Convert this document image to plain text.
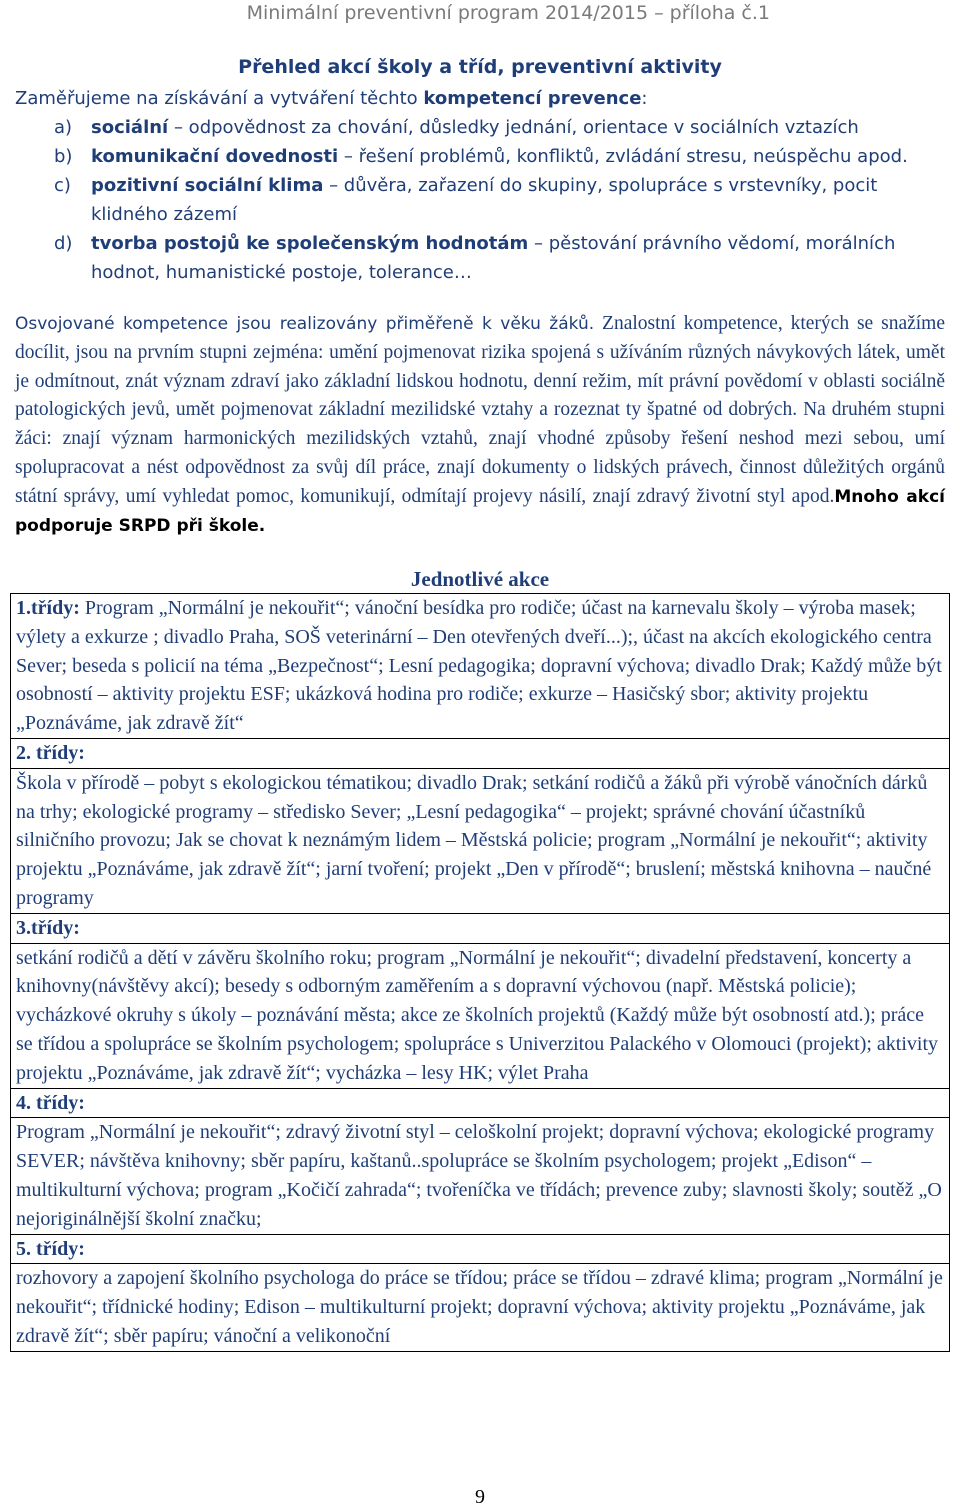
Minimální preventivní program 2014/2015 – příloha č.1
Přehled akcí školy a tříd, preventivní aktivity
Zaměřujeme na získávání a vytváření těchto kompetencí prevence:
a) sociální – odpovědnost za chování, důsledky jednání, orientace v sociálních vztazích
b) komunikační dovednosti – řešení problémů, konfliktů, zvládání stresu, neúspěchu apod.
c) pozitivní sociální klima – důvěra, zařazení do skupiny, spolupráce s vrstevníky, pocit klidného zázemí
d) tvorba postojů ke společenským hodnotám – pěstování právního vědomí, morálních hodnot, humanistické postoje, tolerance…
Osvojované kompetence jsou realizovány přiměřeně k věku žáků. Znalostní kompetence, kterých se snažíme docílit, jsou na prvním stupni zejména: umění pojmenovat rizika spojená s užíváním různých návykových látek, umět je odmítnout, znát význam zdraví jako základní lidskou hodnotu, denní režim, mít právní povědomí v oblasti sociálně patologických jevů, umět pojmenovat základní mezilidské vztahy a rozeznat ty špatné od dobrých. Na druhém stupni žáci: znají význam harmonických mezilidských vztahů, znají vhodné způsoby řešení neshod mezi sebou, umí spolupracovat a nést odpovědnost za svůj díl práce, znají dokumenty o lidských právech, činnost důležitých orgánů státní správy, umí vyhledat pomoc, komunikují, odmítají projevy násilí, znají zdravý životní styl apod.Mnoho akcí podporuje SRPD při škole.
Jednotlivé akce
1.třídy: Program „Normální je nekouřit“; vánoční besídka pro rodiče; účast na karnevalu školy – výroba masek; výlety a exkurze ; divadlo Praha, SOŠ veterinární – Den otevřených dveří...);, účast na akcích ekologického centra Sever; beseda s policií na téma „Bezpečnost“; Lesní pedagogika; dopravní výchova; divadlo Drak; Každý může být osobností – aktivity projektu ESF; ukázková hodina pro rodiče; exkurze – Hasičský sbor; aktivity projektu „Poznáváme, jak zdravě žít“
2. třídy:
Škola v přírodě – pobyt s ekologickou tématikou; divadlo Drak; setkání rodičů a žáků při výrobě vánočních dárků na trhy; ekologické programy – středisko Sever; „Lesní pedagogika“ – projekt; správné chování účastníků silničního provozu; Jak se chovat k neznámým lidem – Městská policie; program „Normální je nekouřit“; aktivity projektu „Poznáváme, jak zdravě žít“; jarní tvoření; projekt „Den v přírodě“; bruslení; městská knihovna – naučné programy
3.třídy:
setkání rodičů a dětí v závěru školního roku; program „Normální je nekouřit“; divadelní představení, koncerty a knihovny(návštěvy akcí); besedy s odborným zaměřením a s dopravní výchovou (např. Městská policie); vycházkové okruhy s úkoly – poznávání města; akce ze školních projektů (Každý může být osobností atd.); práce se třídou a spolupráce se školním psychologem; spolupráce s Univerzitou Palackého v Olomouci (projekt); aktivity projektu „Poznáváme, jak zdravě žít“; vycházka – lesy HK; výlet Praha
4. třídy:
Program „Normální je nekouřit“; zdravý životní styl – celoškolní projekt; dopravní výchova; ekologické programy SEVER; návštěva knihovny; sběr papíru, kaštanů..spolupráce se školním psychologem; projekt „Edison“ – multikulturní výchova; program „Kočičí zahrada“; tvořeníčka ve třídách; prevence zuby; slavnosti školy; soutěž „O nejoriginálnější školní značku;
5. třídy:
rozhovory a zapojení školního psychologa do práce se třídou; práce se třídou – zdravé klima; program „Normální je nekouřit“; třídnické hodiny; Edison – multikulturní projekt; dopravní výchova; aktivity projektu „Poznáváme, jak zdravě žít“; sběr papíru; vánoční a velikonoční
9
